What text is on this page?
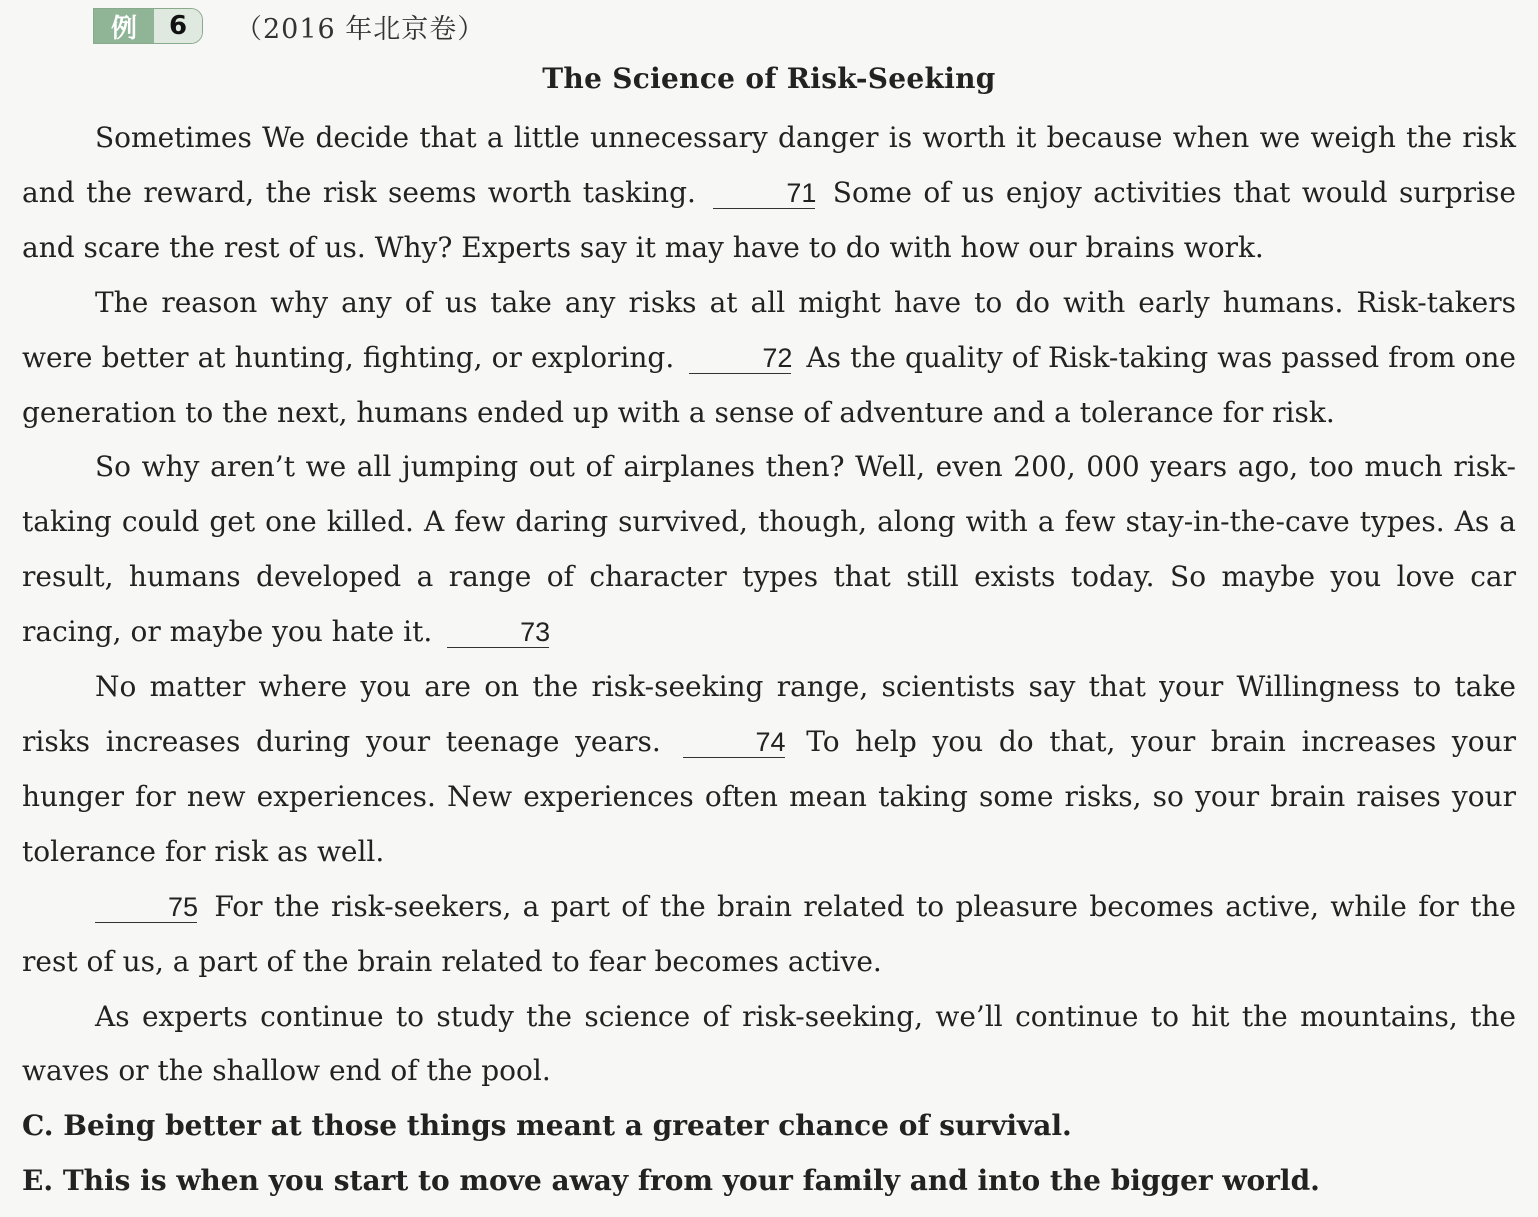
例	6	（2016 年北京卷）
The Science of Risk-Seeking

Sometimes We decide that a little unnecessary danger is worth it because when we weigh the risk and the reward, the risk seems worth tasking.	71 Some of us enjoy activities that would surprise and scare the rest of us. Why? Experts say it may have to do with how our brains work.

The reason why any of us take any risks at all might have to do with early humans. Risk-takers were better at hunting, fighting, or exploring.	72 As the quality of Risk-taking was passed from one generation to the next, humans ended up with a sense of adventure and a tolerance for risk.

So why aren’t we all jumping out of airplanes then? Well, even 200, 000 years ago, too much risk-taking could get one killed. A few daring survived, though, along with a few stay-in-the-cave types. As a result, humans developed a range of character types that still exists today. So maybe you love car racing, or maybe you hate it.	73

No matter where you are on the risk-seeking range, scientists say that your Willingness to take risks increases during your teenage years.	74 To help you do that, your brain increases your hunger for new experiences. New experiences often mean taking some risks, so your brain raises your tolerance for risk as well.

75 For the risk-seekers, a part of the brain related to pleasure becomes active, while for the rest of us, a part of the brain related to fear becomes active.

As experts continue to study the science of risk-seeking, we’ll continue to hit the mountains, the waves or the shallow end of the pool.

C. Being better at those things meant a greater chance of survival.

E. This is when you start to move away from your family and into the bigger world.
